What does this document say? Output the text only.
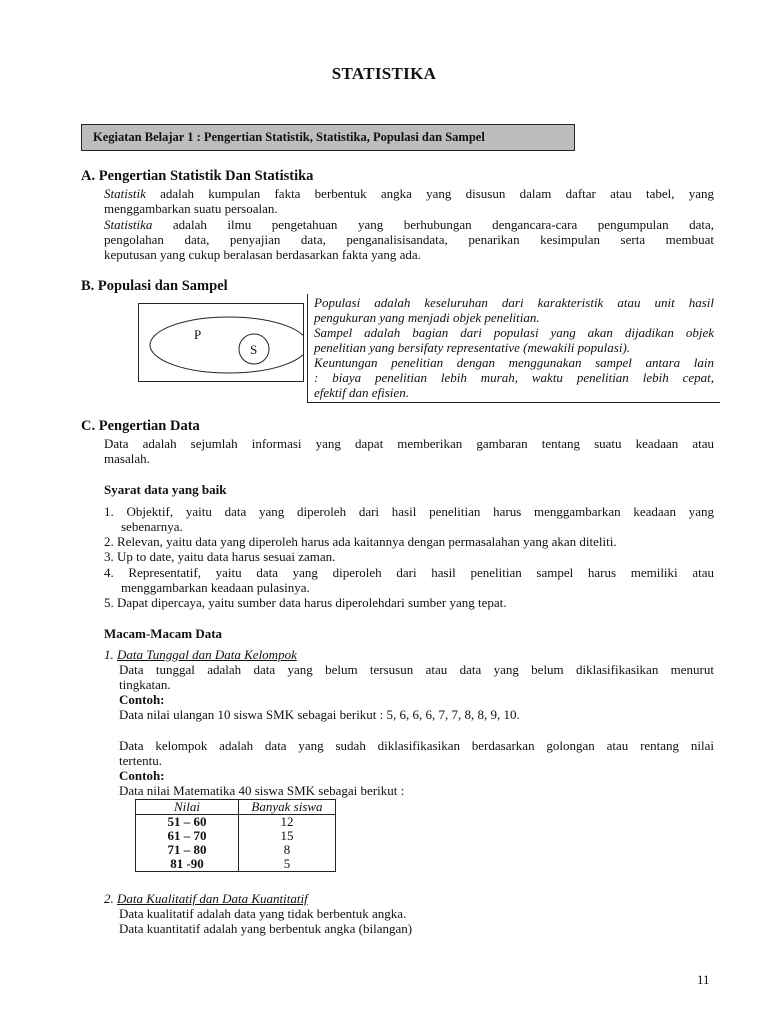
STATISTIKA
Kegiatan Belajar 1 : Pengertian Statistik, Statistika, Populasi dan Sampel
A. Pengertian Statistik Dan Statistika
Statistik adalah kumpulan fakta berbentuk angka yang disusun dalam daftar atau tabel, yang
menggambarkan suatu persoalan.
Statistika adalah ilmu pengetahuan yang berhubungan dengancara-cara pengumpulan data,
pengolahan data, penyajian data, penganalisisandata, penarikan kesimpulan serta membuat
keputusan yang cukup beralasan berdasarkan fakta yang ada.
B. Populasi dan Sampel
P
S
Populasi adalah keseluruhan dari karakteristik atau unit hasil
pengukuran yang menjadi objek penelitian.
Sampel adalah bagian dari populasi yang akan dijadikan objek
penelitian yang bersifaty representative (mewakili populasi).
Keuntungan penelitian dengan menggunakan sampel antara lain
: biaya penelitian lebih murah, waktu penelitian lebih cepat,
efektif dan efisien.
C. Pengertian Data
Data adalah sejumlah informasi yang dapat memberikan gambaran tentang suatu keadaan atau
masalah.
Syarat data yang baik
1. Objektif, yaitu data yang diperoleh dari hasil penelitian harus menggambarkan keadaan yang
sebenarnya.
2. Relevan, yaitu data yang diperoleh harus ada kaitannya dengan permasalahan yang akan diteliti.
3. Up to date, yaitu data harus sesuai zaman.
4. Representatif, yaitu data yang diperoleh dari hasil penelitian sampel harus memiliki atau
menggambarkan keadaan pulasinya.
5. Dapat dipercaya, yaitu sumber data harus diperolehdari sumber yang tepat.
Macam-Macam Data
1. Data Tunggal dan Data Kelompok
Data tunggal adalah data yang belum tersusun atau data yang belum diklasifikasikan menurut
tingkatan.
Contoh:
Data nilai ulangan 10 siswa SMK sebagai berikut : 5, 6, 6, 6, 7, 7, 8, 8, 9, 10.
Data kelompok adalah data yang sudah diklasifikasikan berdasarkan golongan atau rentang nilai
tertentu.
Contoh:
Data nilai Matematika 40 siswa SMK sebagai berikut :
Nilai	Banyak siswa
51 – 60	12
61 – 70	15
71 – 80	8
81 -90	5
2. Data Kualitatif dan Data Kuantitatif
Data kualitatif adalah data yang tidak berbentuk angka.
Data kuantitatif adalah yang berbentuk angka (bilangan)
11
